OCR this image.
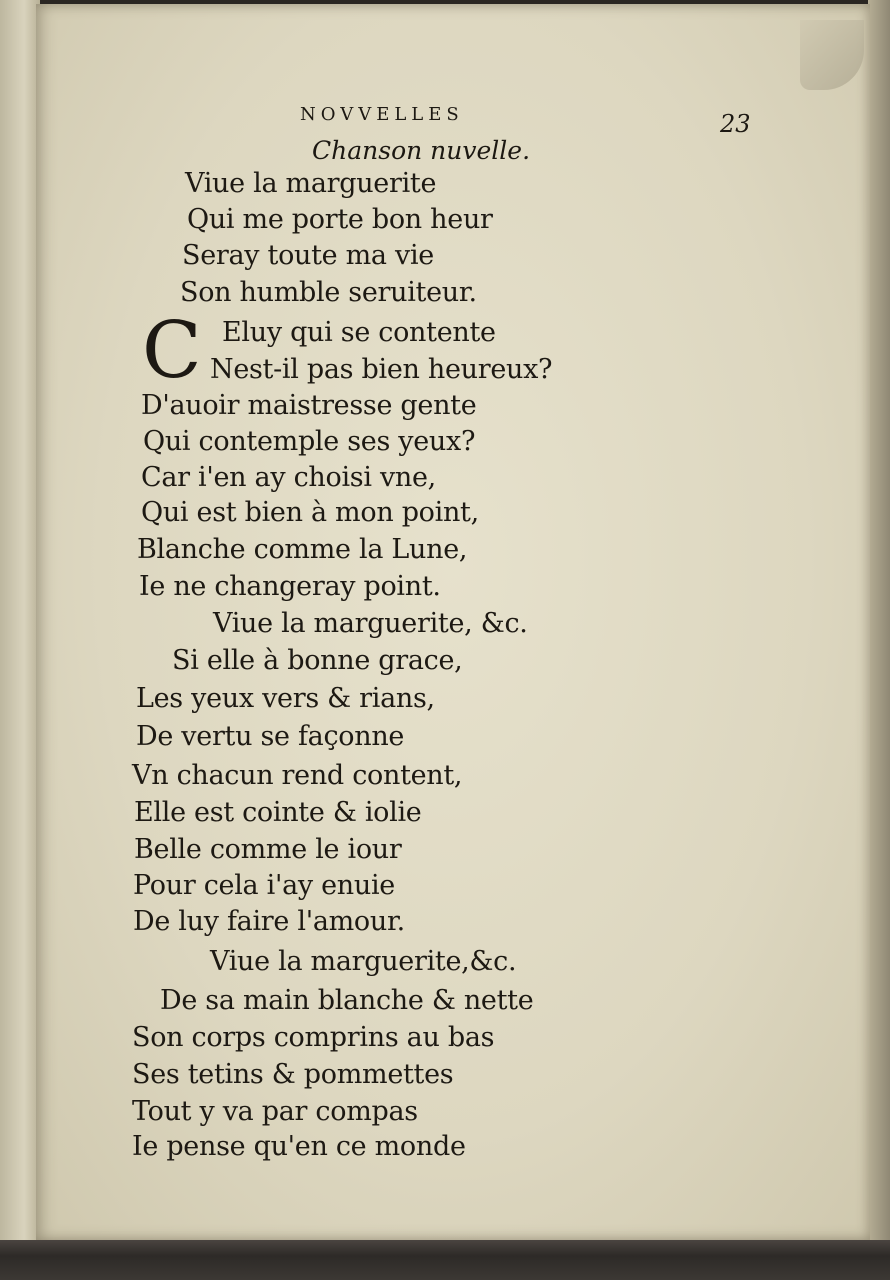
NOVVELLES	23
Chanson nuvelle.
Viue la marguerite
Qui me porte bon heur
Seray toute ma vie
Son humble seruiteur.
C Eluy qui se contente
Nest-il pas bien heureux?
D'auoir maistresse gente
Qui contemple ses yeux?
Car i'en ay choisi vne,
Qui est bien à mon point,
Blanche comme la Lune,
Ie ne changeray point.
Viue la marguerite, &c.
Si elle à bonne grace,
Les yeux vers & rians,
De vertu se façonne
Vn chacun rend content,
Elle est cointe & iolie
Belle comme le iour
Pour cela i'ay enuie
De luy faire l'amour.
Viue la marguerite,&c.
De sa main blanche & nette
Son corps comprins au bas
Ses tetins & pommettes
Tout y va par compas
Ie pense qu'en ce monde
